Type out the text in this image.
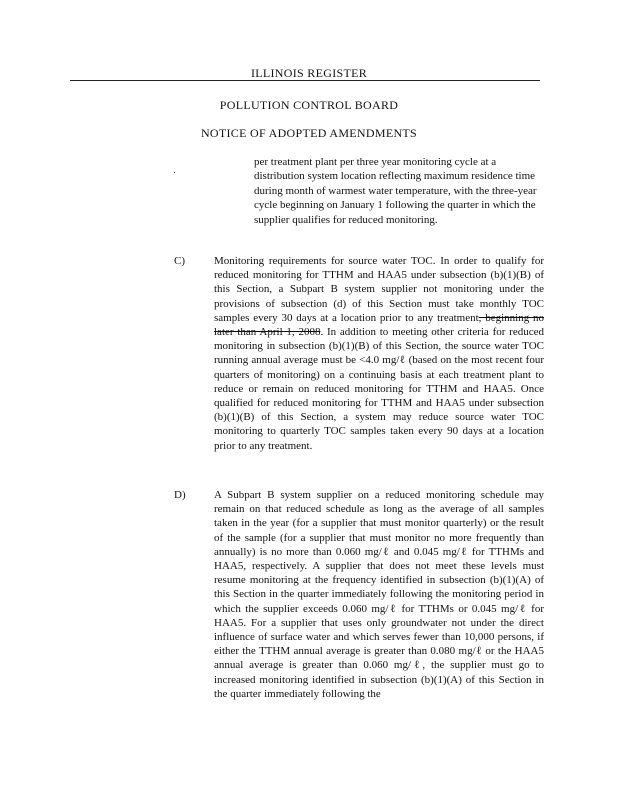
ILLINOIS REGISTER
POLLUTION CONTROL BOARD
NOTICE OF ADOPTED AMENDMENTS
per treatment plant per three year monitoring cycle at a distribution system location reflecting maximum residence time during month of warmest water temperature, with the three-year cycle beginning on January 1 following the quarter in which the supplier qualifies for reduced monitoring.
C)	Monitoring requirements for source water TOC. In order to qualify for reduced monitoring for TTHM and HAA5 under subsection (b)(1)(B) of this Section, a Subpart B system supplier not monitoring under the provisions of subsection (d) of this Section must take monthly TOC samples every 30 days at a location prior to any treatment, beginning no later than April 1, 2008. In addition to meeting other criteria for reduced monitoring in subsection (b)(1)(B) of this Section, the source water TOC running annual average must be <4.0 mg/ℓ (based on the most recent four quarters of monitoring) on a continuing basis at each treatment plant to reduce or remain on reduced monitoring for TTHM and HAA5. Once qualified for reduced monitoring for TTHM and HAA5 under subsection (b)(1)(B) of this Section, a system may reduce source water TOC monitoring to quarterly TOC samples taken every 90 days at a location prior to any treatment.
D)	A Subpart B system supplier on a reduced monitoring schedule may remain on that reduced schedule as long as the average of all samples taken in the year (for a supplier that must monitor quarterly) or the result of the sample (for a supplier that must monitor no more frequently than annually) is no more than 0.060 mg/ℓ and 0.045 mg/ℓ for TTHMs and HAA5, respectively. A supplier that does not meet these levels must resume monitoring at the frequency identified in subsection (b)(1)(A) of this Section in the quarter immediately following the monitoring period in which the supplier exceeds 0.060 mg/ℓ for TTHMs or 0.045 mg/ℓ for HAA5. For a supplier that uses only groundwater not under the direct influence of surface water and which serves fewer than 10,000 persons, if either the TTHM annual average is greater than 0.080 mg/ℓ or the HAA5 annual average is greater than 0.060 mg/ℓ, the supplier must go to increased monitoring identified in subsection (b)(1)(A) of this Section in the quarter immediately following the
